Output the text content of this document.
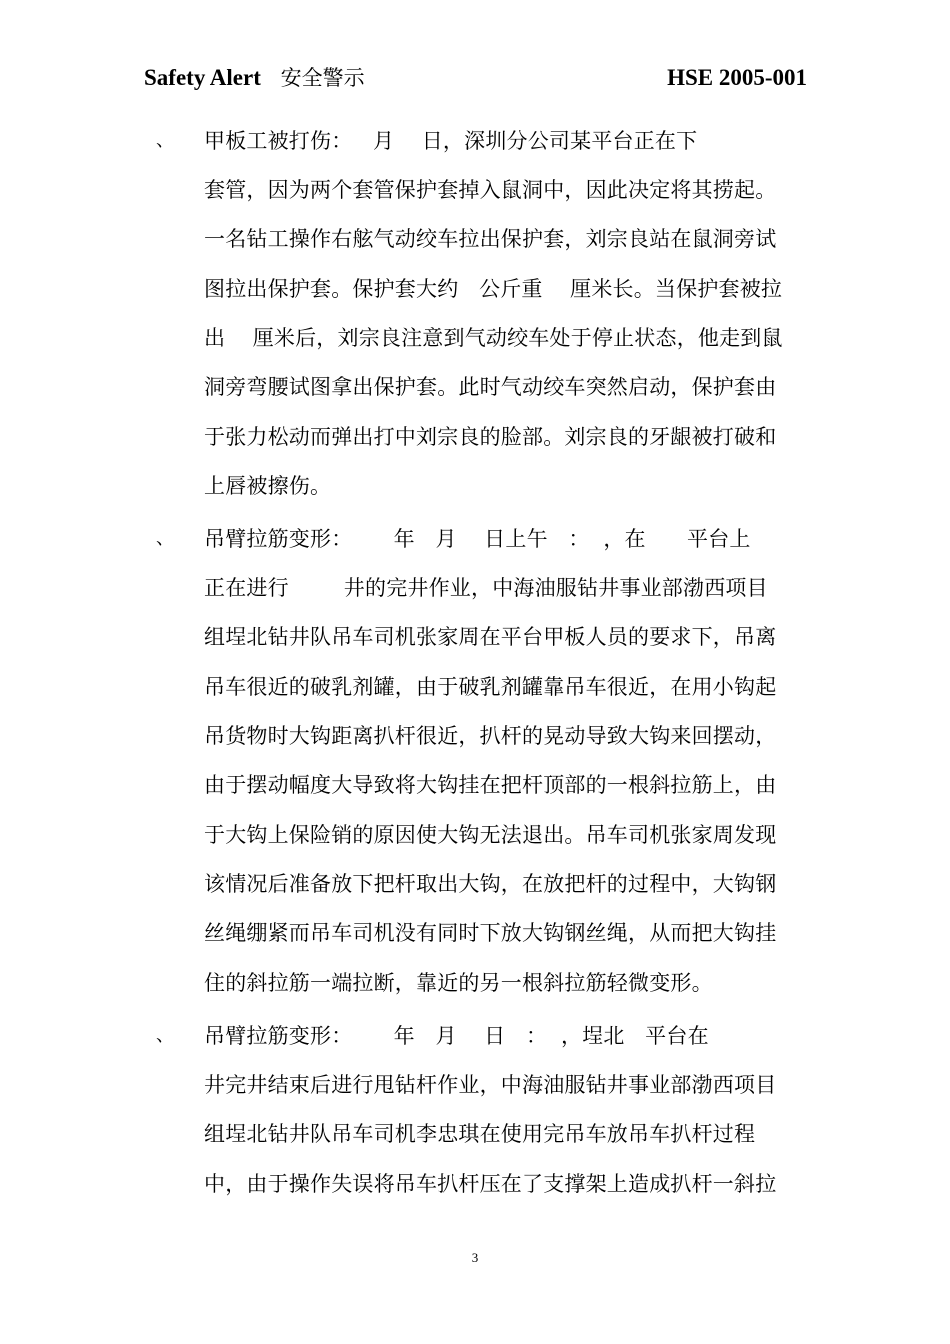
Safety Alert 安全警示	HSE 2005-001
、 甲板工被打伤：   月    日，深圳分公司某平台正在下
套管，因为两个套管保护套掉入鼠洞中，因此决定将其捞起。
一名钻工操作右舷气动绞车拉出保护套，刘宗良站在鼠洞旁试
图拉出保护套。保护套大约   公斤重    厘米长。当保护套被拉
出    厘米后，刘宗良注意到气动绞车处于停止状态，他走到鼠
洞旁弯腰试图拿出保护套。此时气动绞车突然启动，保护套由
于张力松动而弹出打中刘宗良的脸部。刘宗良的牙龈被打破和
上唇被擦伤。
、 吊臂拉筋变形：      年   月    日上午   ：  ，在      平台上
正在进行        井的完井作业，中海油服钻井事业部渤西项目
组埕北钻井队吊车司机张家周在平台甲板人员的要求下，吊离
吊车很近的破乳剂罐，由于破乳剂罐靠吊车很近，在用小钩起
吊货物时大钩距离扒杆很近，扒杆的晃动导致大钩来回摆动，
由于摆动幅度大导致将大钩挂在把杆顶部的一根斜拉筋上，由
于大钩上保险销的原因使大钩无法退出。吊车司机张家周发现
该情况后准备放下把杆取出大钩，在放把杆的过程中，大钩钢
丝绳绷紧而吊车司机没有同时下放大钩钢丝绳，从而把大钩挂
住的斜拉筋一端拉断，靠近的另一根斜拉筋轻微变形。
、 吊臂拉筋变形：      年   月    日   ：  ，埕北   平台在
井完井结束后进行甩钻杆作业，中海油服钻井事业部渤西项目
组埕北钻井队吊车司机李忠琪在使用完吊车放吊车扒杆过程
中，由于操作失误将吊车扒杆压在了支撑架上造成扒杆一斜拉
3
